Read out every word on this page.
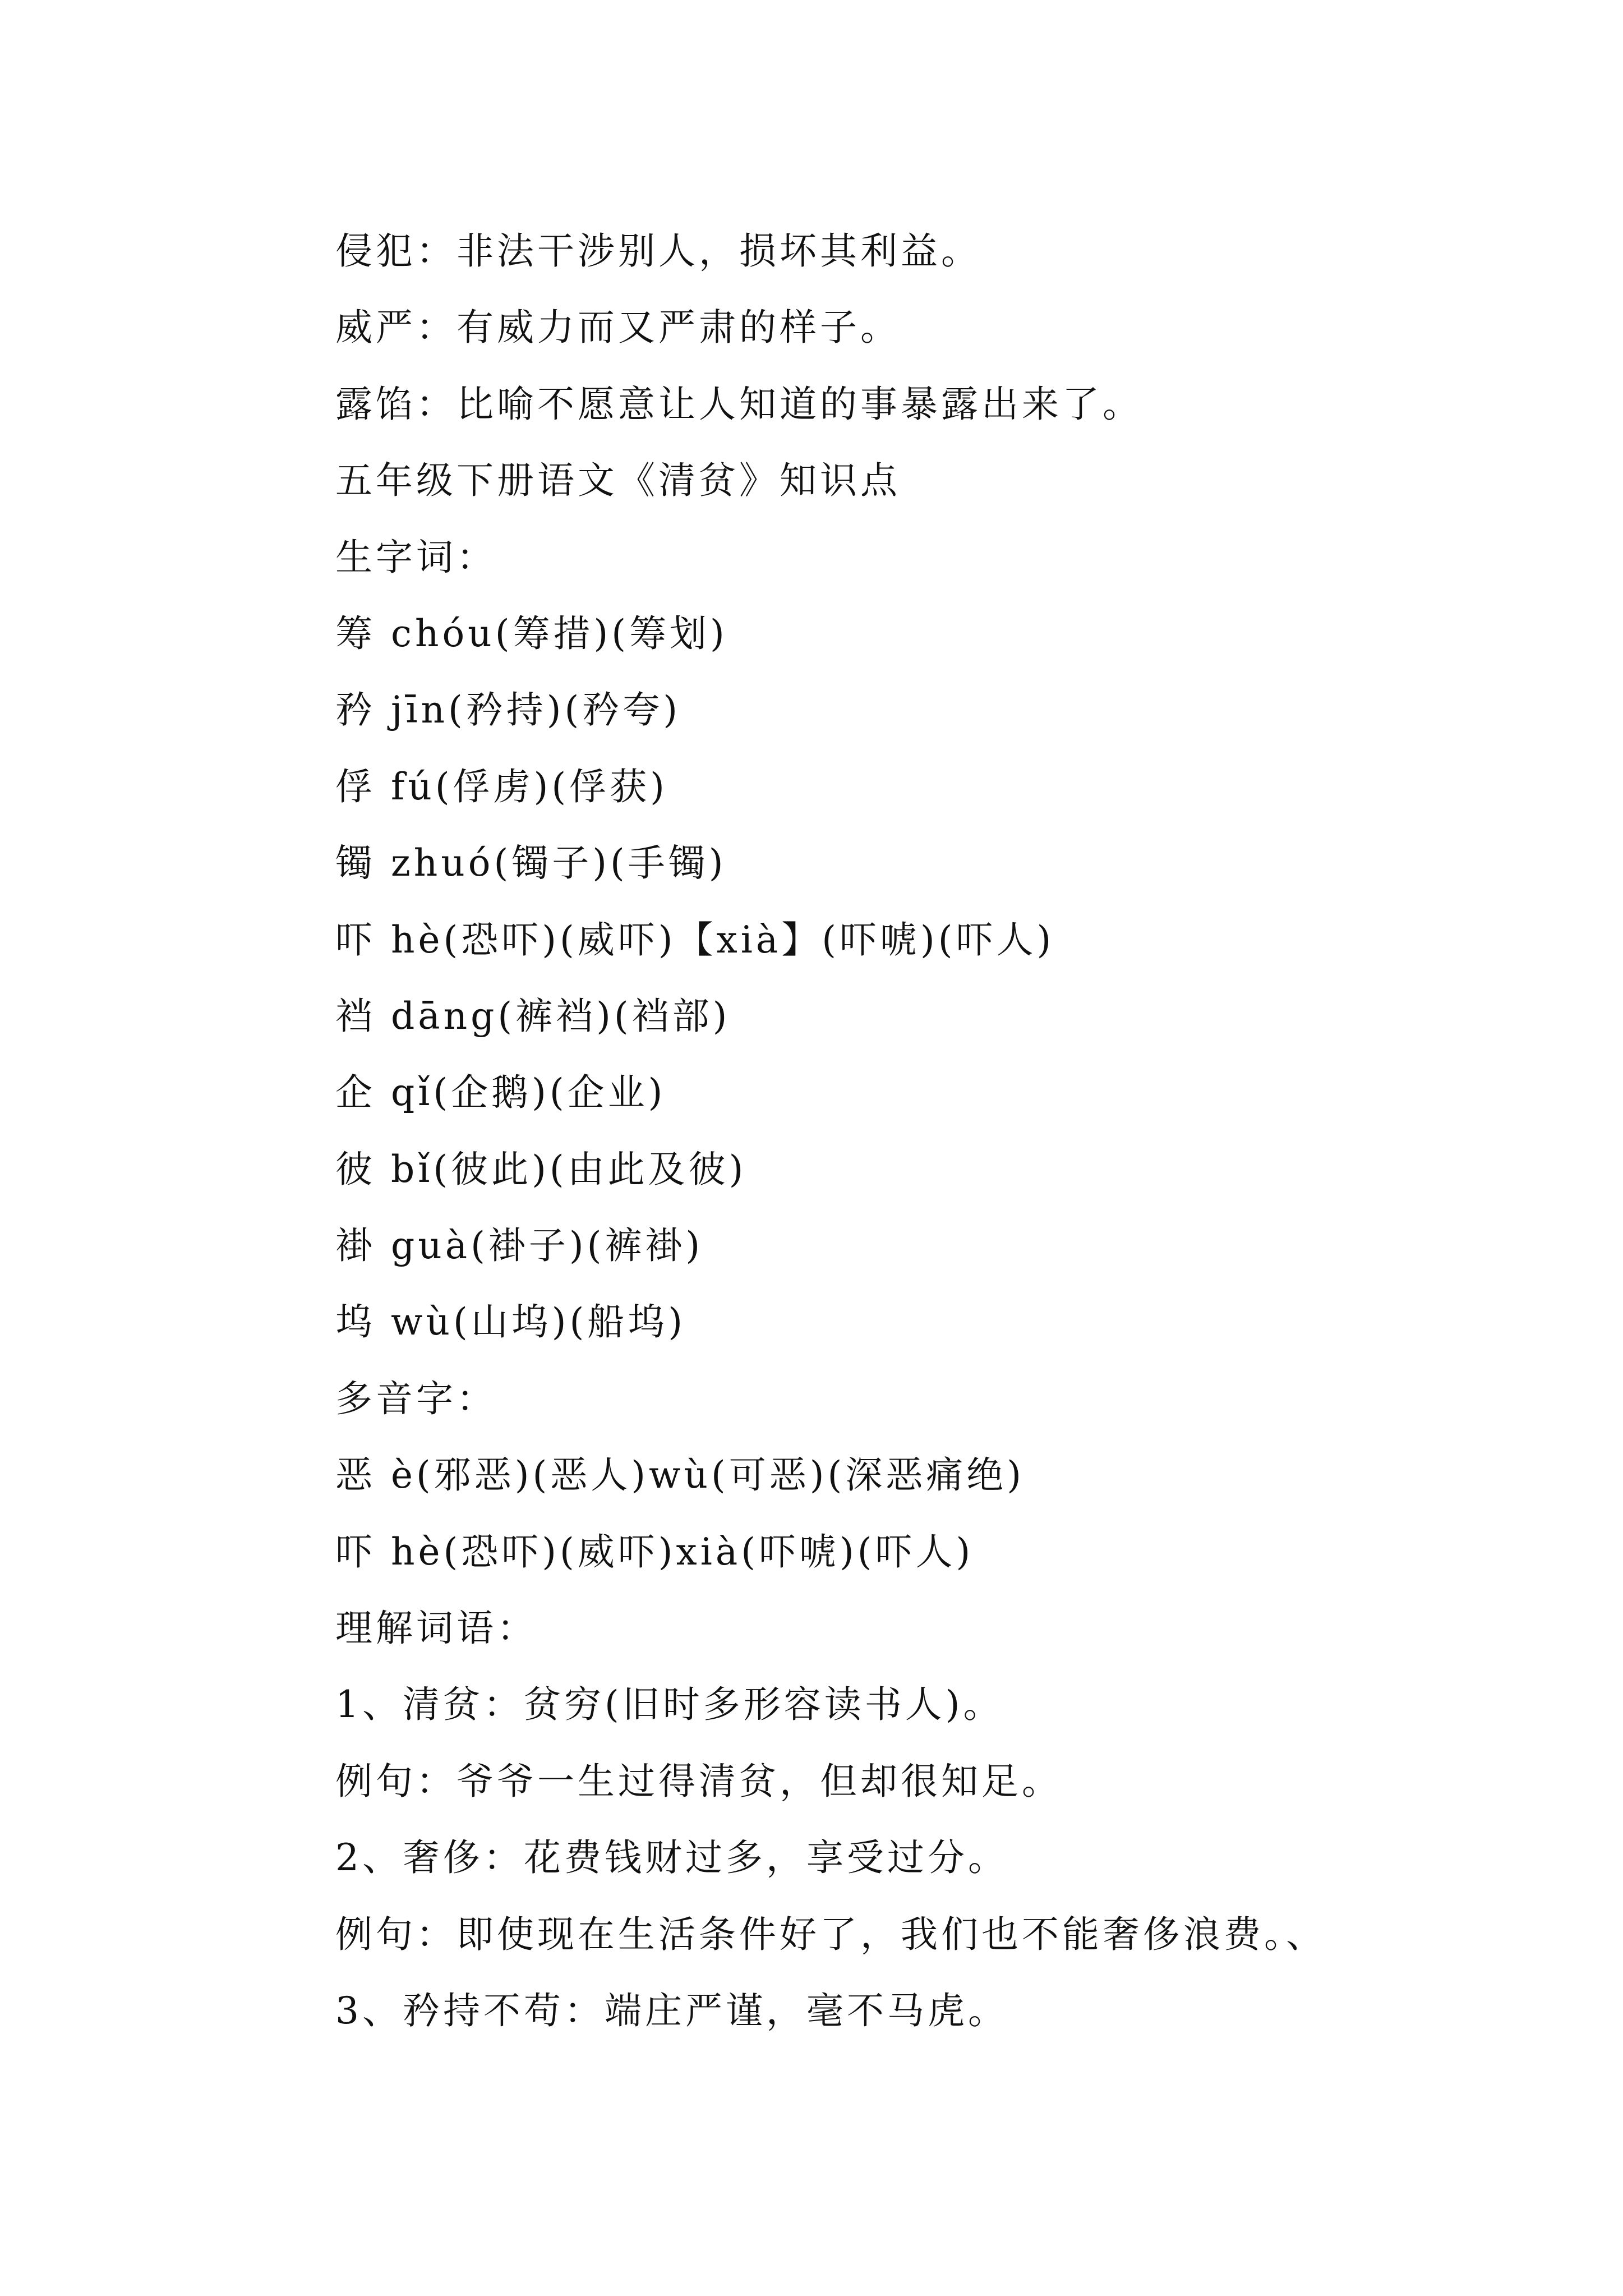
侵犯：非法干涉别人，损坏其利益。
威严：有威力而又严肃的样子。
露馅：比喻不愿意让人知道的事暴露出来了。
五年级下册语文《清贫》知识点
生字词：
筹 chóu(筹措)(筹划)
矜 jīn(矜持)(矜夸)
俘 fú(俘虏)(俘获)
镯 zhuó(镯子)(手镯)
吓 hè(恐吓)(威吓)【xià】(吓唬)(吓人)
裆 dāng(裤裆)(裆部)
企 qǐ(企鹅)(企业)
彼 bǐ(彼此)(由此及彼)
褂 guà(褂子)(裤褂)
坞 wù(山坞)(船坞)
多音字：
恶 è(邪恶)(恶人)wù(可恶)(深恶痛绝)
吓 hè(恐吓)(威吓)xià(吓唬)(吓人)
理解词语：
1、清贫：贫穷(旧时多形容读书人)。
例句：爷爷一生过得清贫，但却很知足。
2、奢侈：花费钱财过多，享受过分。
例句：即使现在生活条件好了，我们也不能奢侈浪费。、
3、矜持不苟：端庄严谨，毫不马虎。
